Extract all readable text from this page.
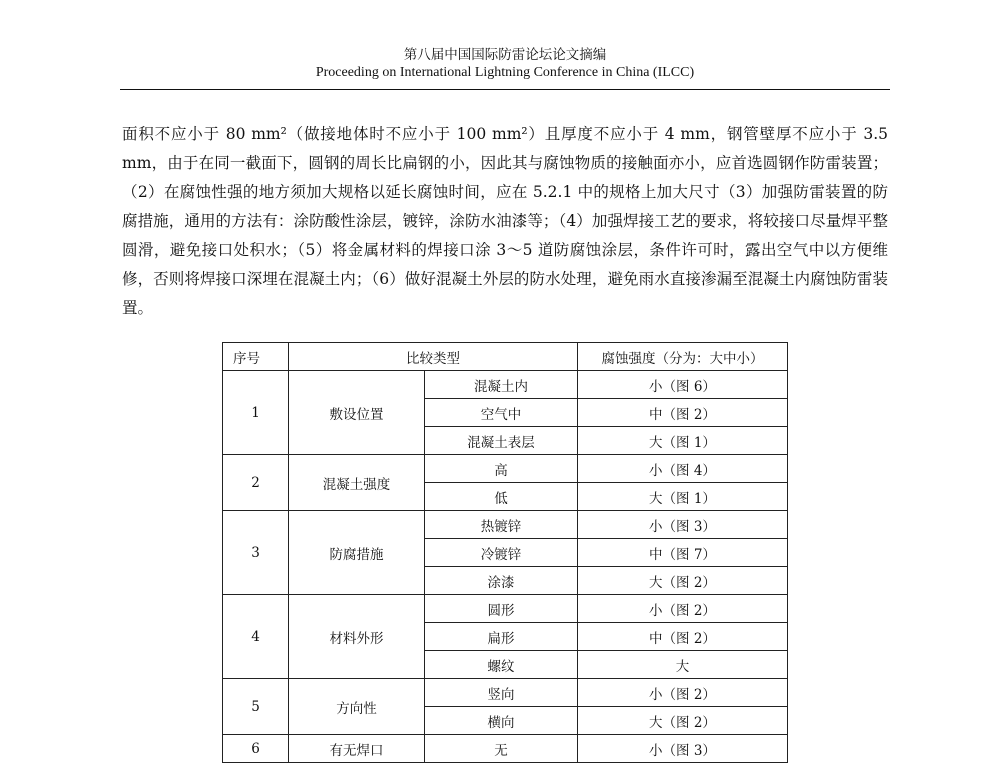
第八届中国国际防雷论坛论文摘编
Proceeding on International Lightning Conference in China (ILCC)

面积不应小于 80 mm²（做接地体时不应小于 100 mm²）且厚度不应小于 4 mm，钢管壁厚不应小于 3.5 mm，由于在同一截面下，圆钢的周长比扁钢的小，因此其与腐蚀物质的接触面亦小，应首选圆钢作防雷装置；（2）在腐蚀性强的地方须加大规格以延长腐蚀时间，应在 5.2.1 中的规格上加大尺寸（3）加强防雷装置的防腐措施，通用的方法有：涂防酸性涂层，镀锌，涂防水油漆等；（4）加强焊接工艺的要求，将较接口尽量焊平整圆滑，避免接口处积水；（5）将金属材料的焊接口涂 3～5 道防腐蚀涂层，条件许可时，露出空气中以方便维修，否则将焊接口深埋在混凝土内；（6）做好混凝土外层的防水处理，避免雨水直接渗漏至混凝土内腐蚀防雷装置。

序号	比较类型		腐蚀强度（分为：大中小）
1	敷设位置	混凝土内	小（图 6）
		空气中	中（图 2）
		混凝土表层	大（图 1）
2	混凝土强度	高	小（图 4）
		低	大（图 1）
3	防腐措施	热镀锌	小（图 3）
		冷镀锌	中（图 7）
		涂漆	大（图 2）
4	材料外形	圆形	小（图 2）
		扁形	中（图 2）
		螺纹	大
5	方向性	竖向	小（图 2）
		横向	大（图 2）
6	有无焊口	无	小（图 3）
